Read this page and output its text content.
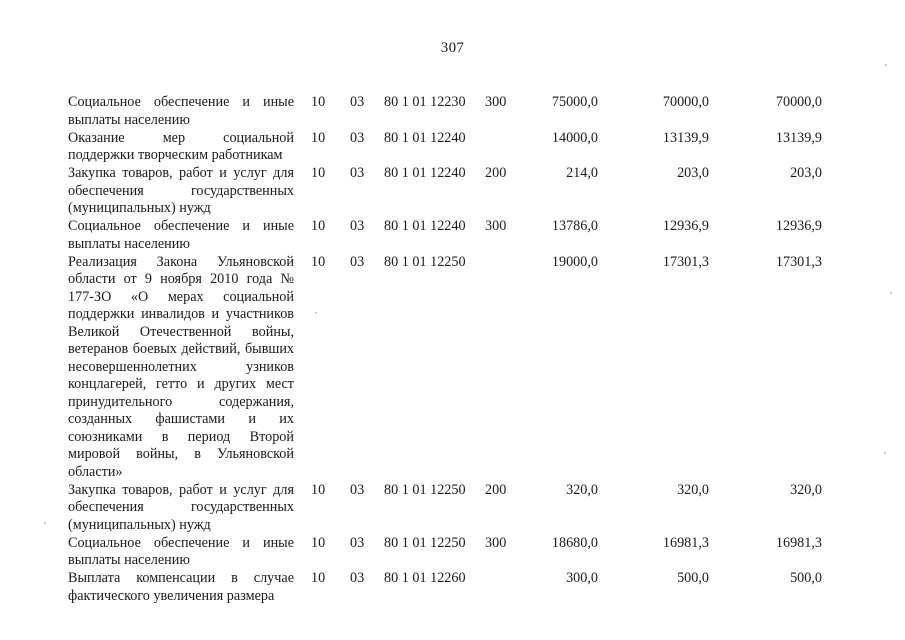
307
Социальное обеспечение и иные выплаты населению
10 03 80 1 01 12230 300	75000,0	70000,0	70000,0
Оказание мер социальной поддержки творческим работникам
10 03 80 1 01 12240	14000,0	13139,9	13139,9
Закупка товаров, работ и услуг для обеспечения государственных (муниципальных) нужд
10 03 80 1 01 12240 200	214,0	203,0	203,0
Социальное обеспечение и иные выплаты населению
10 03 80 1 01 12240 300	13786,0	12936,9	12936,9
Реализация Закона Ульяновской области от 9 ноября 2010 года № 177-ЗО «О мерах социальной поддержки инвалидов и участников Великой Отечественной войны, ветеранов боевых действий, бывших несовершеннолетних узников концлагерей, гетто и других мест принудительного содержания, созданных фашистами и их союзниками в период Второй мировой войны, в Ульяновской области»
10 03 80 1 01 12250	19000,0	17301,3	17301,3
Закупка товаров, работ и услуг для обеспечения государственных (муниципальных) нужд
10 03 80 1 01 12250 200	320,0	320,0	320,0
Социальное обеспечение и иные выплаты населению
10 03 80 1 01 12250 300	18680,0	16981,3	16981,3
Выплата компенсации в случае фактического увеличения размера
10 03 80 1 01 12260	300,0	500,0	500,0
